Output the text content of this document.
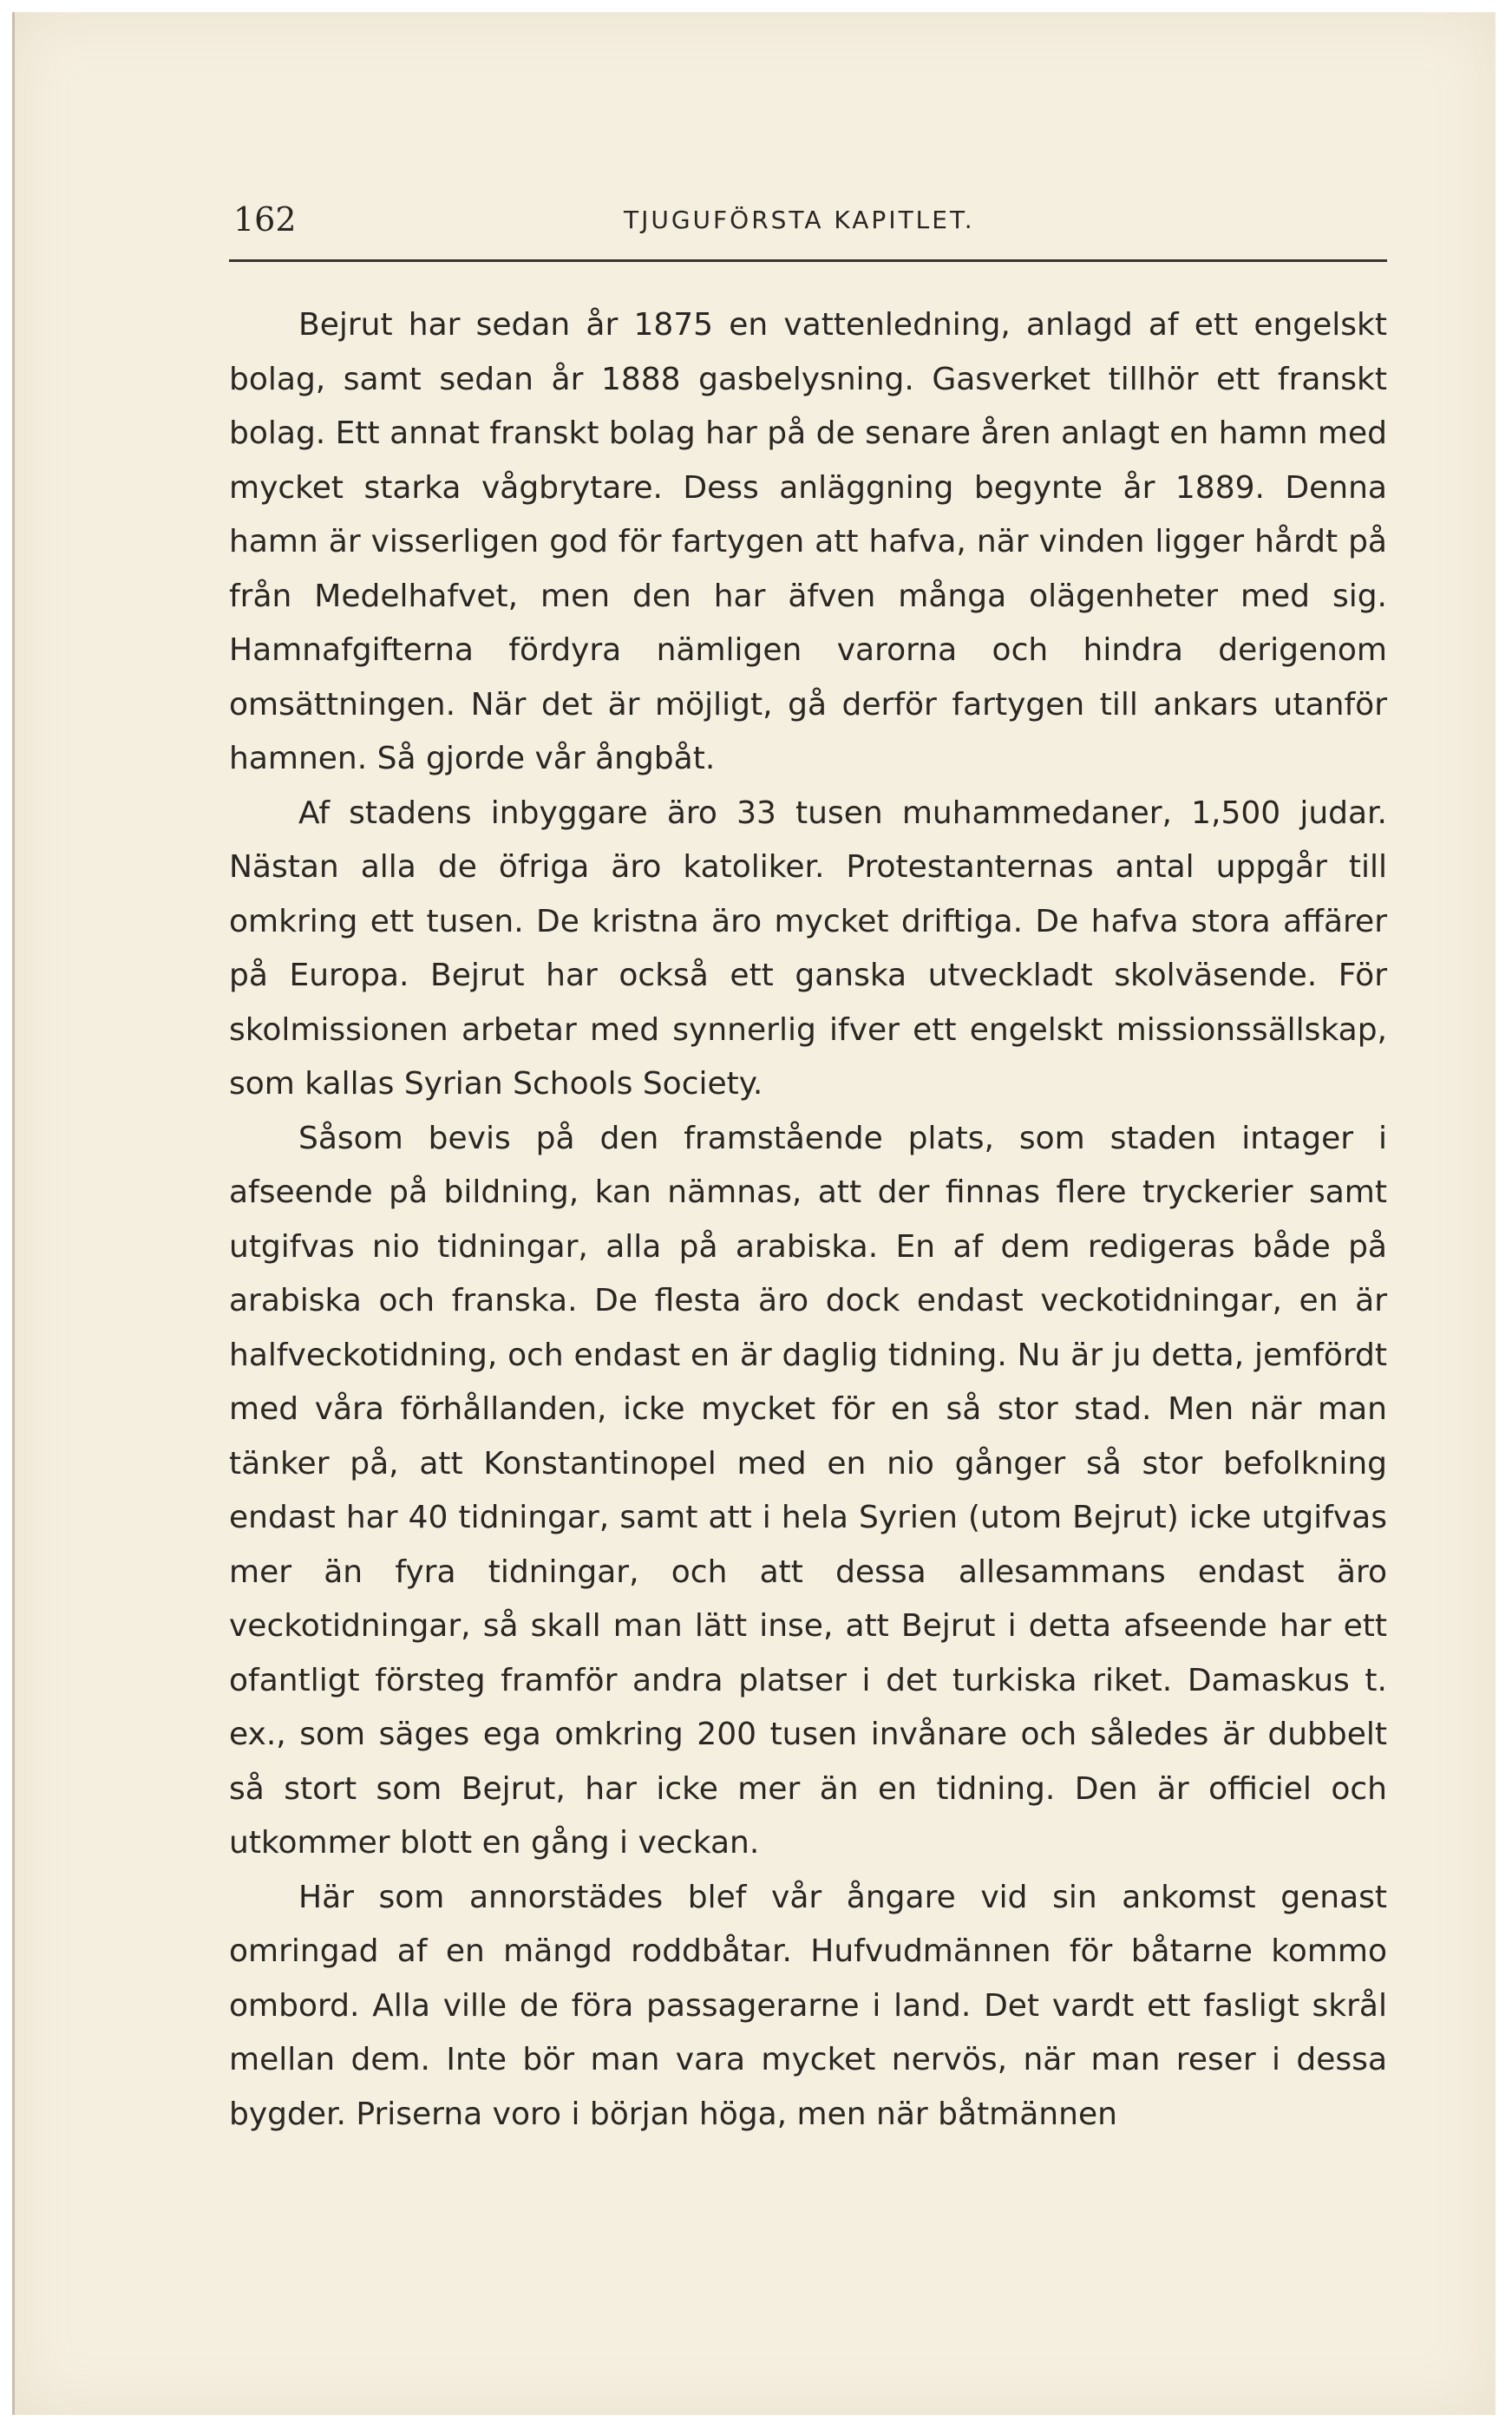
162	TJUGUFÖRSTA KAPITLET.

Bejrut har sedan år 1875 en vattenledning, anlagd af ett engelskt bolag, samt sedan år 1888 gasbelysning. Gasverket tillhör ett franskt bolag. Ett annat franskt bolag har på de senare åren anlagt en hamn med mycket starka vågbrytare. Dess anläggning begynte år 1889. Denna hamn är visserligen god för fartygen att hafva, när vinden ligger hårdt på från Medelhafvet, men den har äfven många olägenheter med sig. Hamnafgifterna fördyra nämligen varorna och hindra derigenom omsättningen. När det är möjligt, gå derför fartygen till ankars utanför hamnen. Så gjorde vår ångbåt.

Af stadens inbyggare äro 33 tusen muhammedaner, 1,500 judar. Nästan alla de öfriga äro katoliker. Protestanternas antal uppgår till omkring ett tusen. De kristna äro mycket driftiga. De hafva stora affärer på Europa. Bejrut har också ett ganska utveckladt skolväsende. För skolmissionen arbetar med synnerlig ifver ett engelskt missionssällskap, som kallas Syrian Schools Society.

Såsom bevis på den framstående plats, som staden intager i afseende på bildning, kan nämnas, att der finnas flere tryckerier samt utgifvas nio tidningar, alla på arabiska. En af dem redigeras både på arabiska och franska. De flesta äro dock endast veckotidningar, en är halfveckotidning, och endast en är daglig tidning. Nu är ju detta, jemfördt med våra förhållanden, icke mycket för en så stor stad. Men när man tänker på, att Konstantinopel med en nio gånger så stor befolkning endast har 40 tidningar, samt att i hela Syrien (utom Bejrut) icke utgifvas mer än fyra tidningar, och att dessa allesammans endast äro veckotidningar, så skall man lätt inse, att Bejrut i detta afseende har ett ofantligt försteg framför andra platser i det turkiska riket. Damaskus t. ex., som säges ega omkring 200 tusen invånare och således är dubbelt så stort som Bejrut, har icke mer än en tidning. Den är officiel och utkommer blott en gång i veckan.

Här som annorstädes blef vår ångare vid sin ankomst genast omringad af en mängd roddbåtar. Hufvudmännen för båtarne kommo ombord. Alla ville de föra passagerarne i land. Det vardt ett fasligt skrål mellan dem. Inte bör man vara mycket nervös, när man reser i dessa bygder. Priserna voro i början höga, men när båtmännen
